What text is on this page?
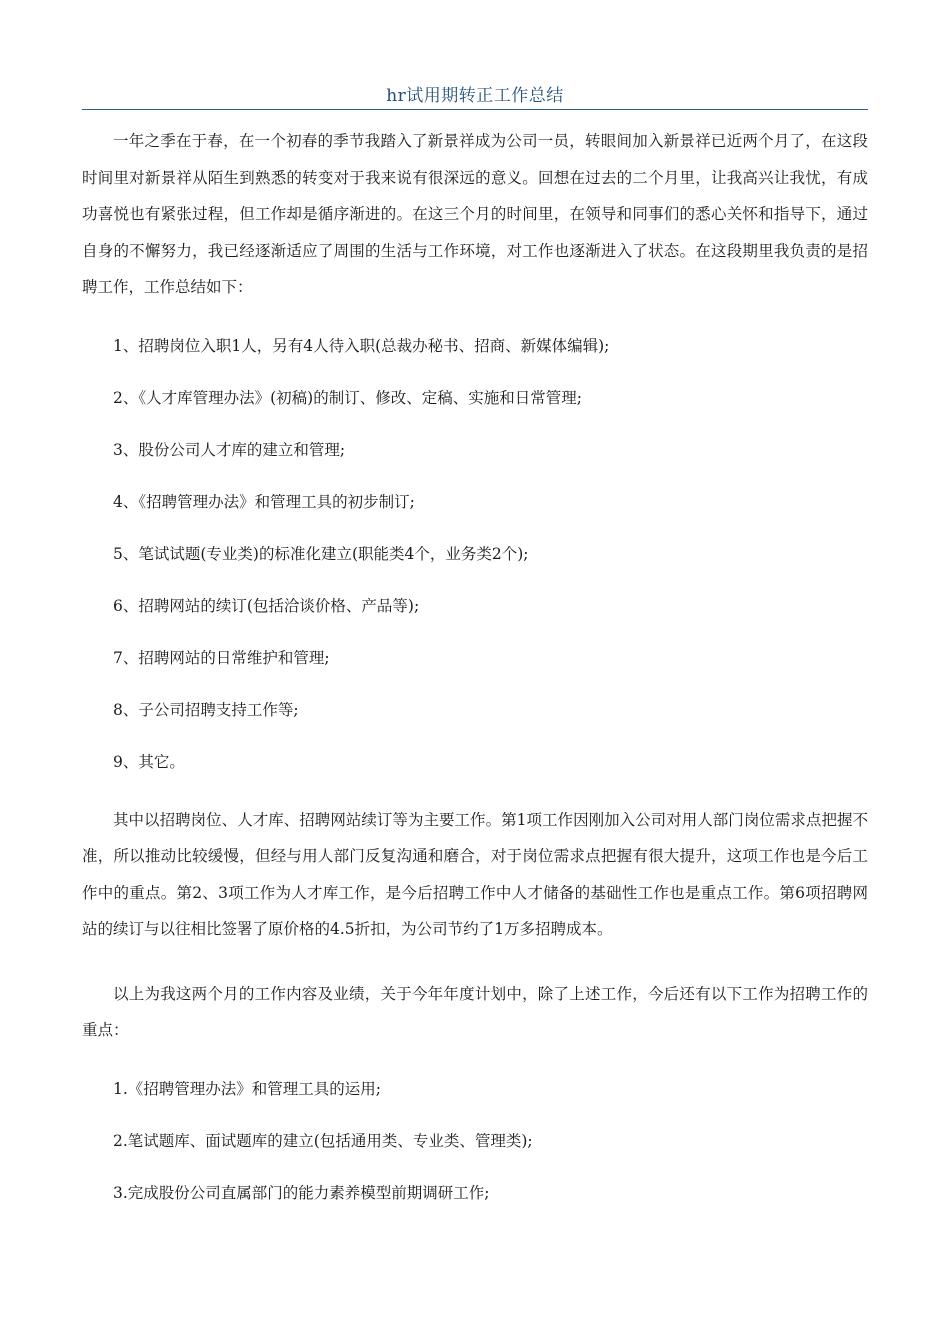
hr试用期转正工作总结

一年之季在于春，在一个初春的季节我踏入了新景祥成为公司一员，转眼间加入新景祥已近两个月了，在这段时间里对新景祥从陌生到熟悉的转变对于我来说有很深远的意义。回想在过去的二个月里，让我高兴让我忧，有成功喜悦也有紧张过程，但工作却是循序渐进的。在这三个月的时间里，在领导和同事们的悉心关怀和指导下，通过自身的不懈努力，我已经逐渐适应了周围的生活与工作环境，对工作也逐渐进入了状态。在这段期里我负责的是招聘工作，工作总结如下：

1、招聘岗位入职1人，另有4人待入职(总裁办秘书、招商、新媒体编辑);

2、《人才库管理办法》(初稿)的制订、修改、定稿、实施和日常管理;

3、股份公司人才库的建立和管理;

4、《招聘管理办法》和管理工具的初步制订;

5、笔试试题(专业类)的标准化建立(职能类4个，业务类2个);

6、招聘网站的续订(包括洽谈价格、产品等);

7、招聘网站的日常维护和管理;

8、子公司招聘支持工作等;

9、其它。

其中以招聘岗位、人才库、招聘网站续订等为主要工作。第1项工作因刚加入公司对用人部门岗位需求点把握不准，所以推动比较缓慢，但经与用人部门反复沟通和磨合，对于岗位需求点把握有很大提升，这项工作也是今后工作中的重点。第2、3项工作为人才库工作，是今后招聘工作中人才储备的基础性工作也是重点工作。第6项招聘网站的续订与以往相比签署了原价格的4.5折扣，为公司节约了1万多招聘成本。

以上为我这两个月的工作内容及业绩，关于今年年度计划中，除了上述工作，今后还有以下工作为招聘工作的重点：

1.《招聘管理办法》和管理工具的运用;

2.笔试题库、面试题库的建立(包括通用类、专业类、管理类);

3.完成股份公司直属部门的能力素养模型前期调研工作;
